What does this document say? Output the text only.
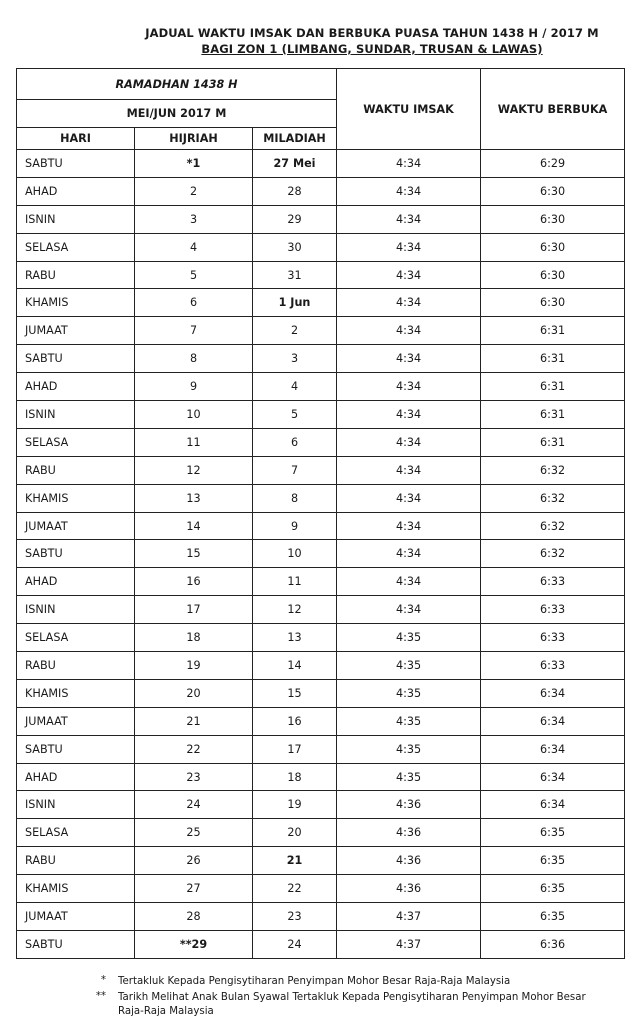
JADUAL WAKTU IMSAK DAN BERBUKA PUASA TAHUN 1438 H / 2017 M
BAGI ZON 1 (LIMBANG, SUNDAR, TRUSAN & LAWAS)
RAMADHAN 1438 H			WAKTU IMSAK	WAKTU BERBUKA
MEI/JUN 2017 M				
HARI	HIJRIAH	MILADIAH		
SABTU	*1	27 Mei	4:34	6:29
AHAD	2	28	4:34	6:30
ISNIN	3	29	4:34	6:30
SELASA	4	30	4:34	6:30
RABU	5	31	4:34	6:30
KHAMIS	6	1 Jun	4:34	6:30
JUMAAT	7	2	4:34	6:31
SABTU	8	3	4:34	6:31
AHAD	9	4	4:34	6:31
ISNIN	10	5	4:34	6:31
SELASA	11	6	4:34	6:31
RABU	12	7	4:34	6:32
KHAMIS	13	8	4:34	6:32
JUMAAT	14	9	4:34	6:32
SABTU	15	10	4:34	6:32
AHAD	16	11	4:34	6:33
ISNIN	17	12	4:34	6:33
SELASA	18	13	4:35	6:33
RABU	19	14	4:35	6:33
KHAMIS	20	15	4:35	6:34
JUMAAT	21	16	4:35	6:34
SABTU	22	17	4:35	6:34
AHAD	23	18	4:35	6:34
ISNIN	24	19	4:36	6:34
SELASA	25	20	4:36	6:35
RABU	26	21	4:36	6:35
KHAMIS	27	22	4:36	6:35
JUMAAT	28	23	4:37	6:35
SABTU	**29	24	4:37	6:36
* Tertakluk Kepada Pengisytiharan Penyimpan Mohor Besar Raja-Raja Malaysia
** Tarikh Melihat Anak Bulan Syawal Tertakluk Kepada Pengisytiharan Penyimpan Mohor Besar Raja-Raja Malaysia
